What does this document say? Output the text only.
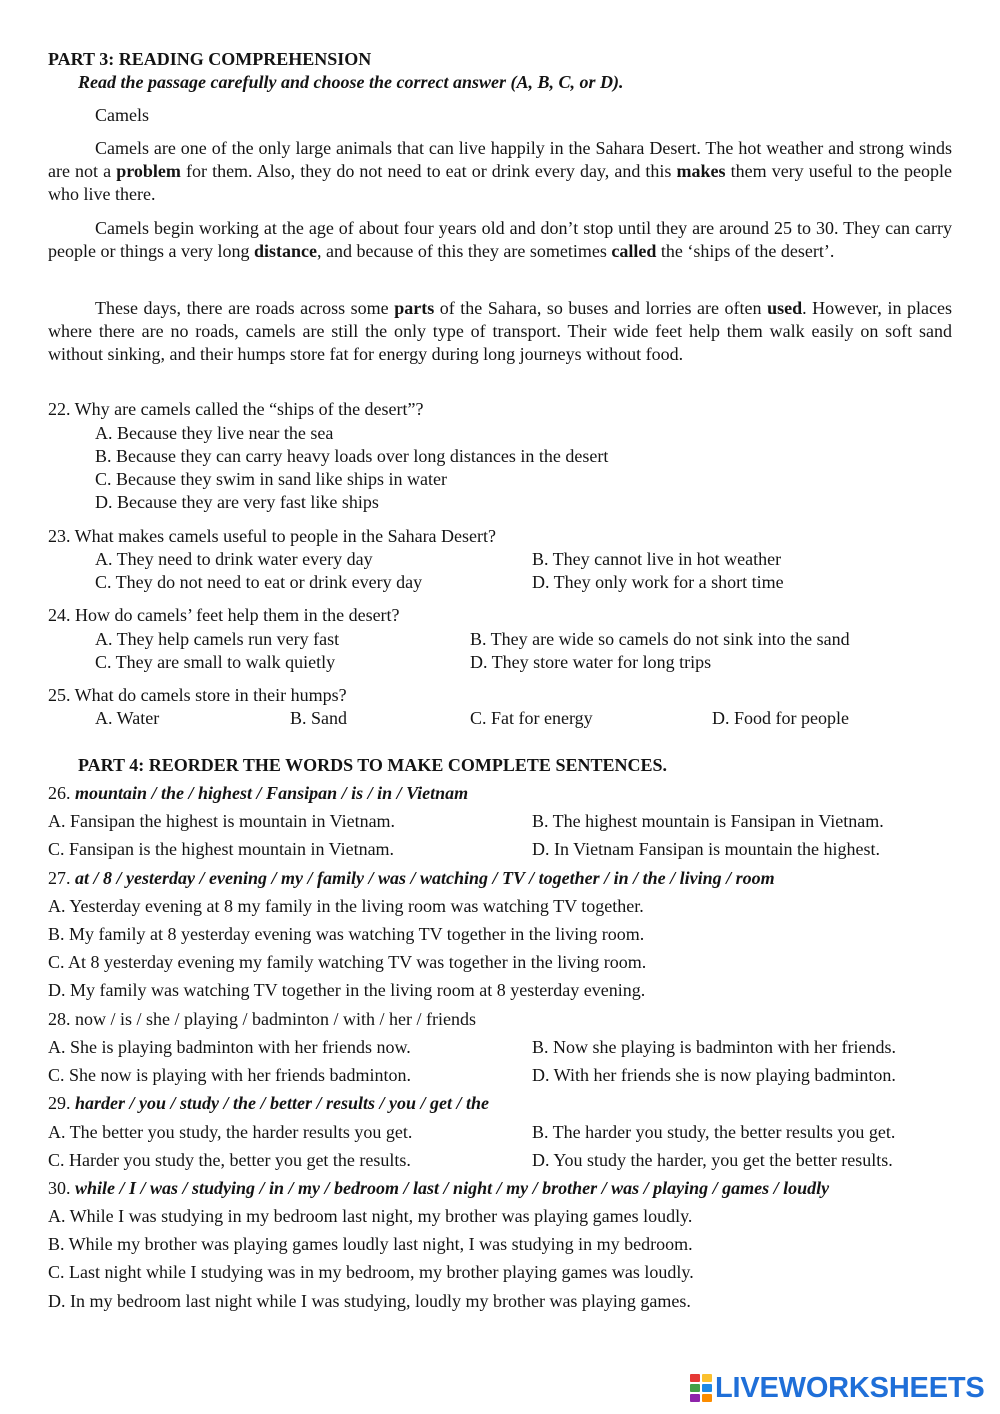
PART 3: READING COMPREHENSION
Read the passage carefully and choose the correct answer (A, B, C, or D).
Camels
Camels are one of the only large animals that can live happily in the Sahara Desert. The hot weather and strong winds are not a problem for them. Also, they do not need to eat or drink every day, and this makes them very useful to the people who live there.
Camels begin working at the age of about four years old and don’t stop until they are around 25 to 30. They can carry people or things a very long distance, and because of this they are sometimes called the ‘ships of the desert’.
These days, there are roads across some parts of the Sahara, so buses and lorries are often used. However, in places where there are no roads, camels are still the only type of transport. Their wide feet help them walk easily on soft sand without sinking, and their humps store fat for energy during long journeys without food.
22. Why are camels called the “ships of the desert”?
A. Because they live near the sea
B. Because they can carry heavy loads over long distances in the desert
C. Because they swim in sand like ships in water
D. Because they are very fast like ships
23. What makes camels useful to people in the Sahara Desert?
A. They need to drink water every day	B. They cannot live in hot weather
C. They do not need to eat or drink every day	D. They only work for a short time
24. How do camels’ feet help them in the desert?
A. They help camels run very fast	B. They are wide so camels do not sink into the sand
C. They are small to walk quietly	D. They store water for long trips
25. What do camels store in their humps?
A. Water	B. Sand	C. Fat for energy	D. Food for people
PART 4: REORDER THE WORDS TO MAKE COMPLETE SENTENCES.
26. mountain / the / highest / Fansipan / is / in / Vietnam
A. Fansipan the highest is mountain in Vietnam.	B. The highest mountain is Fansipan in Vietnam.
C. Fansipan is the highest mountain in Vietnam.	D. In Vietnam Fansipan is mountain the highest.
27. at / 8 / yesterday / evening / my / family / was / watching / TV / together / in / the / living / room
A. Yesterday evening at 8 my family in the living room was watching TV together.
B. My family at 8 yesterday evening was watching TV together in the living room.
C. At 8 yesterday evening my family watching TV was together in the living room.
D. My family was watching TV together in the living room at 8 yesterday evening.
28. now / is / she / playing / badminton / with / her / friends
A. She is playing badminton with her friends now.	B. Now she playing is badminton with her friends.
C. She now is playing with her friends badminton.	D. With her friends she is now playing badminton.
29. harder / you / study / the / better / results / you / get / the
A. The better you study, the harder results you get.	B. The harder you study, the better results you get.
C. Harder you study the, better you get the results.	D. You study the harder, you get the better results.
30. while / I / was / studying / in / my / bedroom / last / night / my / brother / was / playing / games / loudly
A. While I was studying in my bedroom last night, my brother was playing games loudly.
B. While my brother was playing games loudly last night, I was studying in my bedroom.
C. Last night while I studying was in my bedroom, my brother playing games was loudly.
D. In my bedroom last night while I was studying, loudly my brother was playing games.
LIVEWORKSHEETS
